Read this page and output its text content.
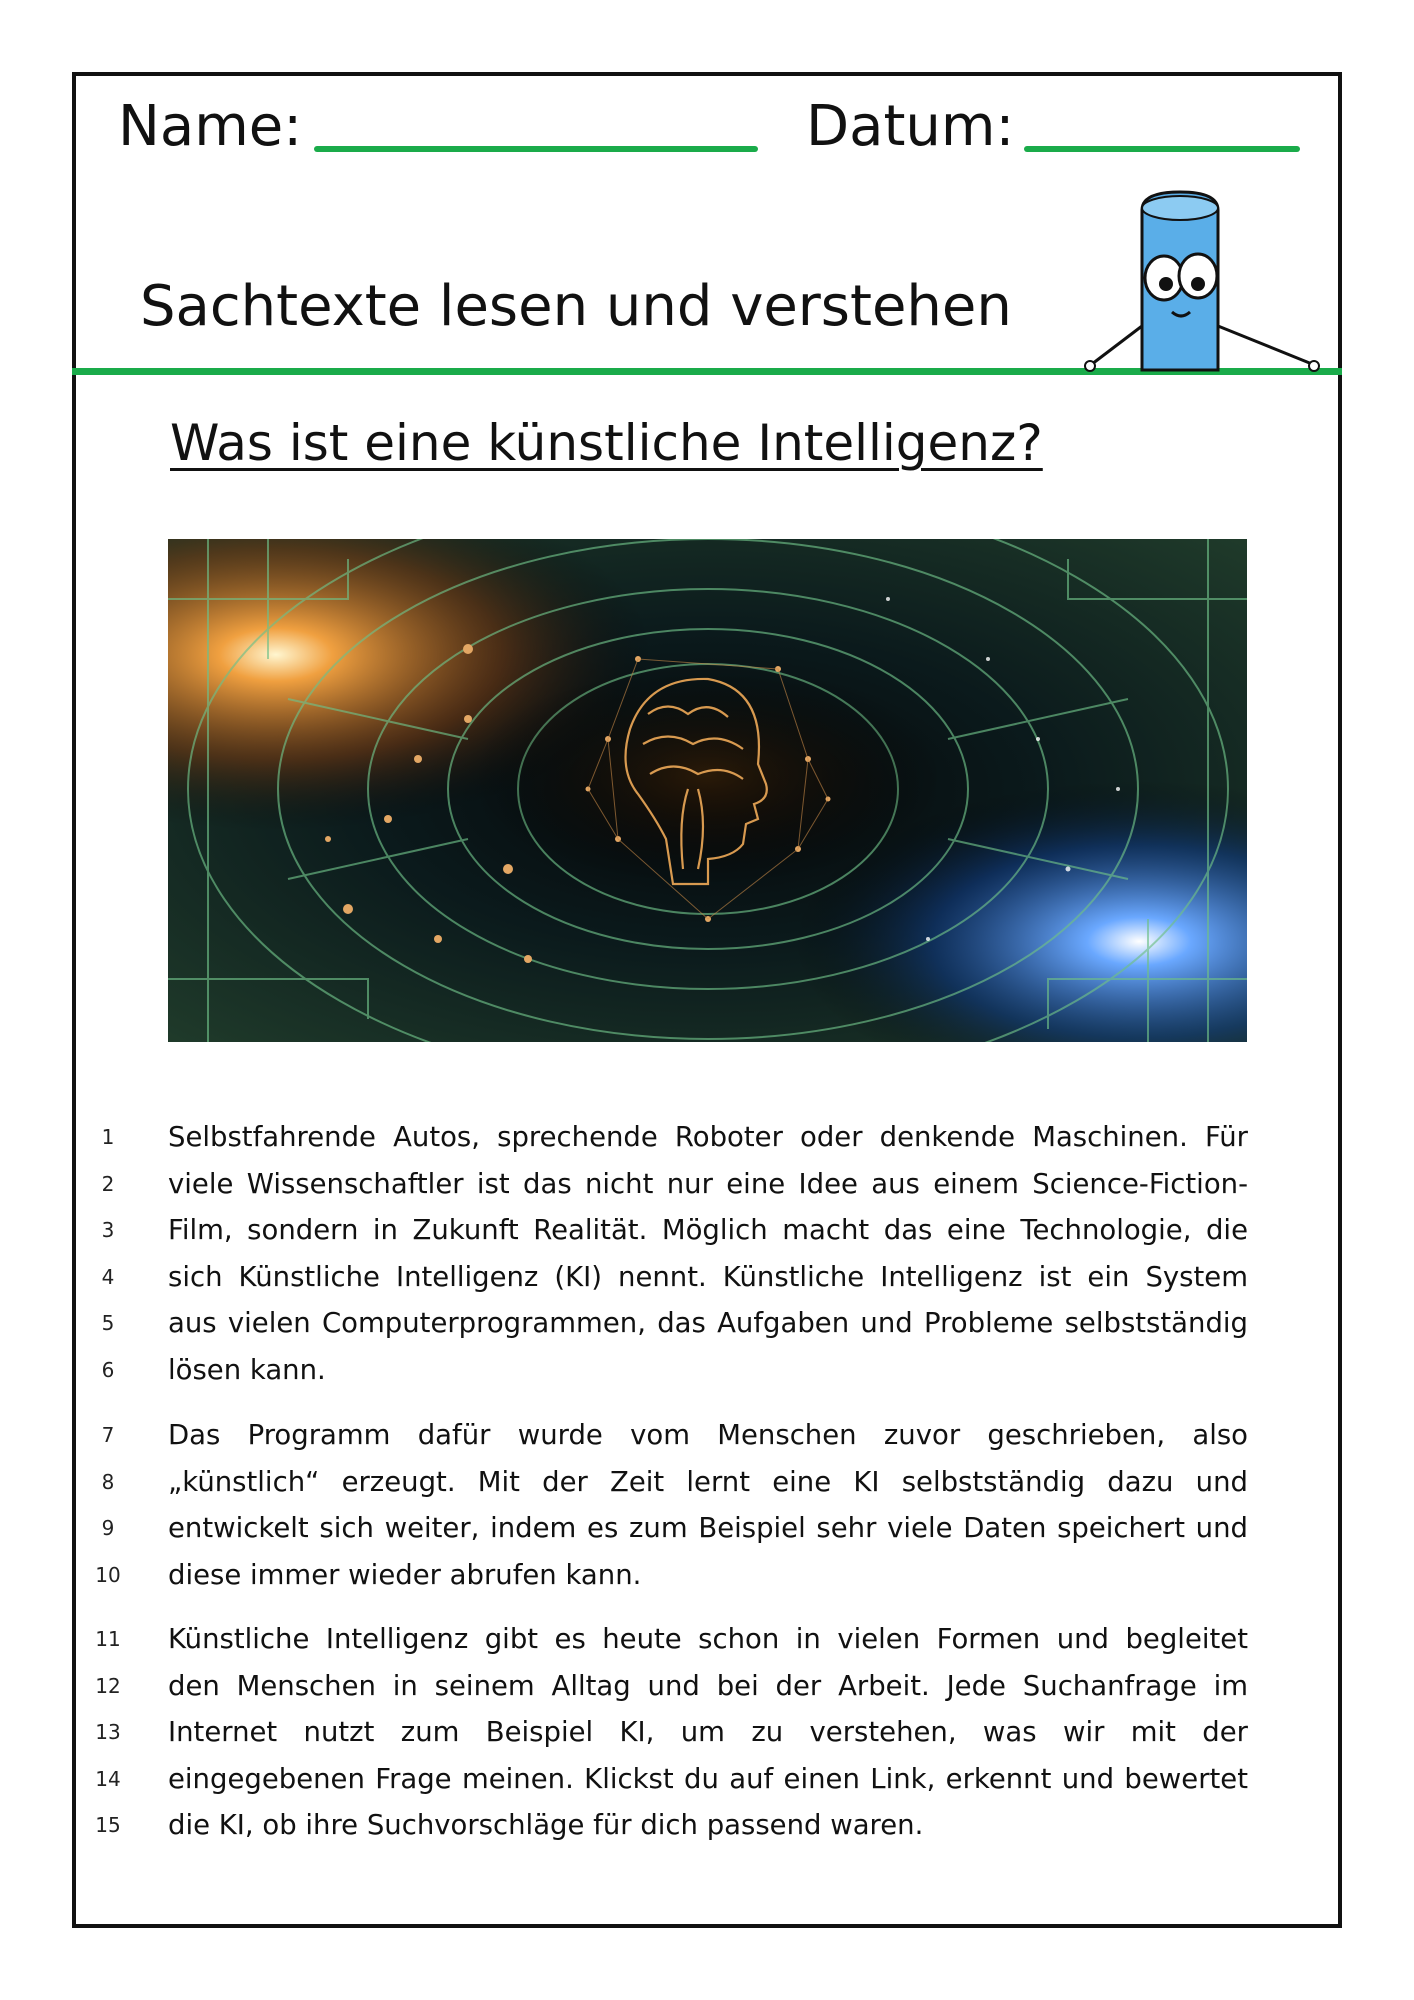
Name:	Datum:
Sachtexte lesen und verstehen
Was ist eine künstliche Intelligenz?
1	Selbstfahrende Autos, sprechende Roboter oder denkende Maschinen. Für
2	viele Wissenschaftler ist das nicht nur eine Idee aus einem Science-Fiction-
3	Film, sondern in Zukunft Realität. Möglich macht das eine Technologie, die
4	sich Künstliche Intelligenz (KI) nennt. Künstliche Intelligenz ist ein System
5	aus vielen Computerprogrammen, das Aufgaben und Probleme selbstständig
6	lösen kann.
7	Das Programm dafür wurde vom Menschen zuvor geschrieben, also
8	„künstlich“ erzeugt. Mit der Zeit lernt eine KI selbstständig dazu und
9	entwickelt sich weiter, indem es zum Beispiel sehr viele Daten speichert und
10 diese immer wieder abrufen kann.
11 Künstliche Intelligenz gibt es heute schon in vielen Formen und begleitet
12 den Menschen in seinem Alltag und bei der Arbeit. Jede Suchanfrage im
13 Internet nutzt zum Beispiel KI, um zu verstehen, was wir mit der
14 eingegebenen Frage meinen. Klickst du auf einen Link, erkennt und bewertet
15 die KI, ob ihre Suchvorschläge für dich passend waren.
